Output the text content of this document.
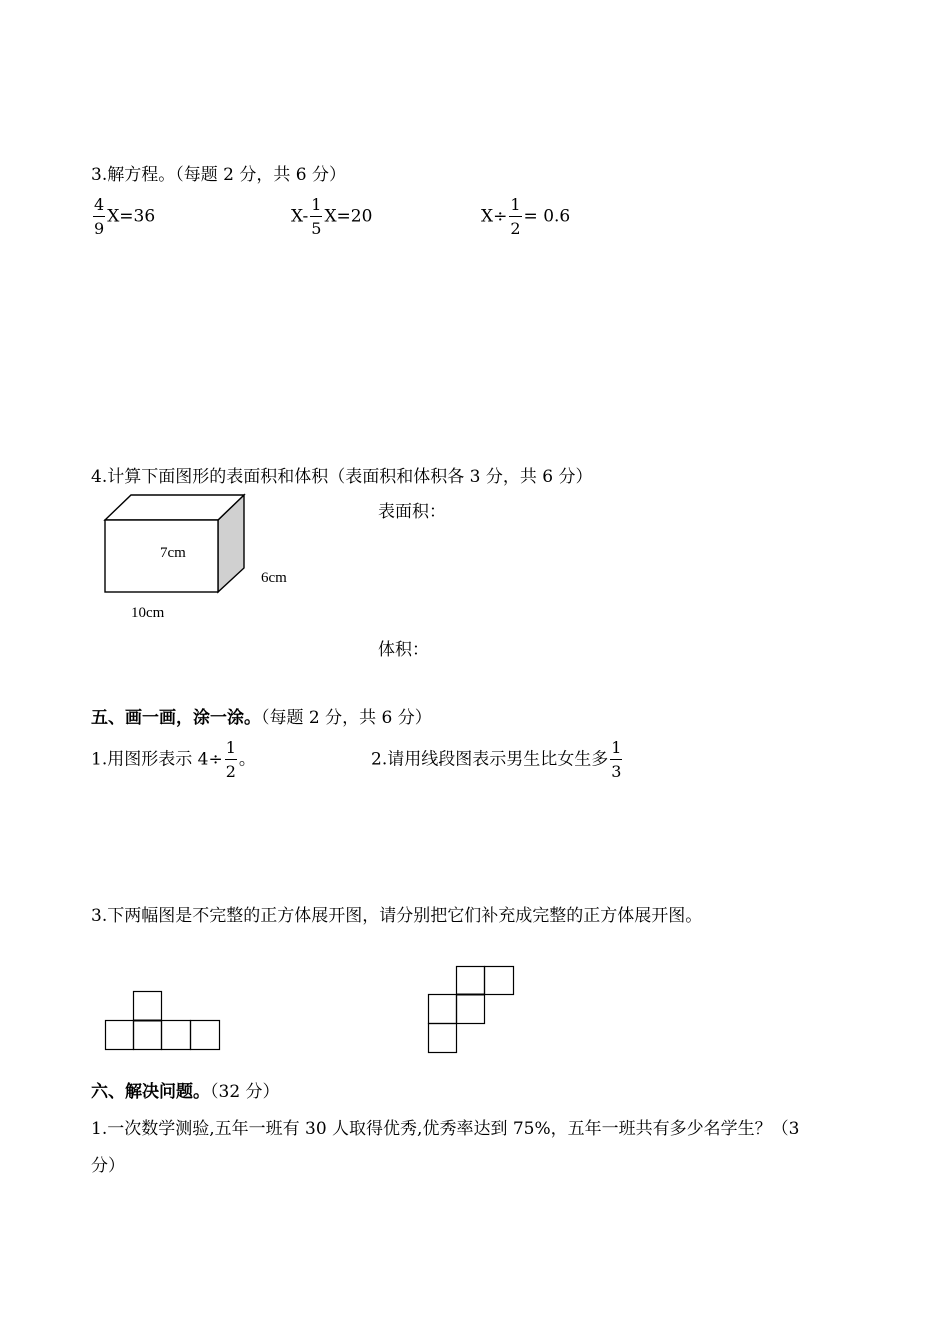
3.解方程。（每题 2 分，共 6 分）
$\frac{4}{9} X=36$	$X- \frac{1}{5} X=20$	$X\div \frac{1}{2} = 0.6$
4.计算下面图形的表面积和体积（表面积和体积各 3 分，共 6 分）
7cm
6cm
10cm
表面积：
体积：
五、画一画，涂一涂。（每题 2 分，共 6 分）
1.用图形表示 $4\div \frac{1}{2}$ 。	2.请用线段图表示男生比女生多 $\frac{1}{3}$
3.下两幅图是不完整的正方体展开图，请分别把它们补充成完整的正方体展开图。
六、解决问题。（32 分）
1.一次数学测验,五年一班有 30 人取得优秀,优秀率达到 75%，五年一班共有多少名学生？（3
分）
